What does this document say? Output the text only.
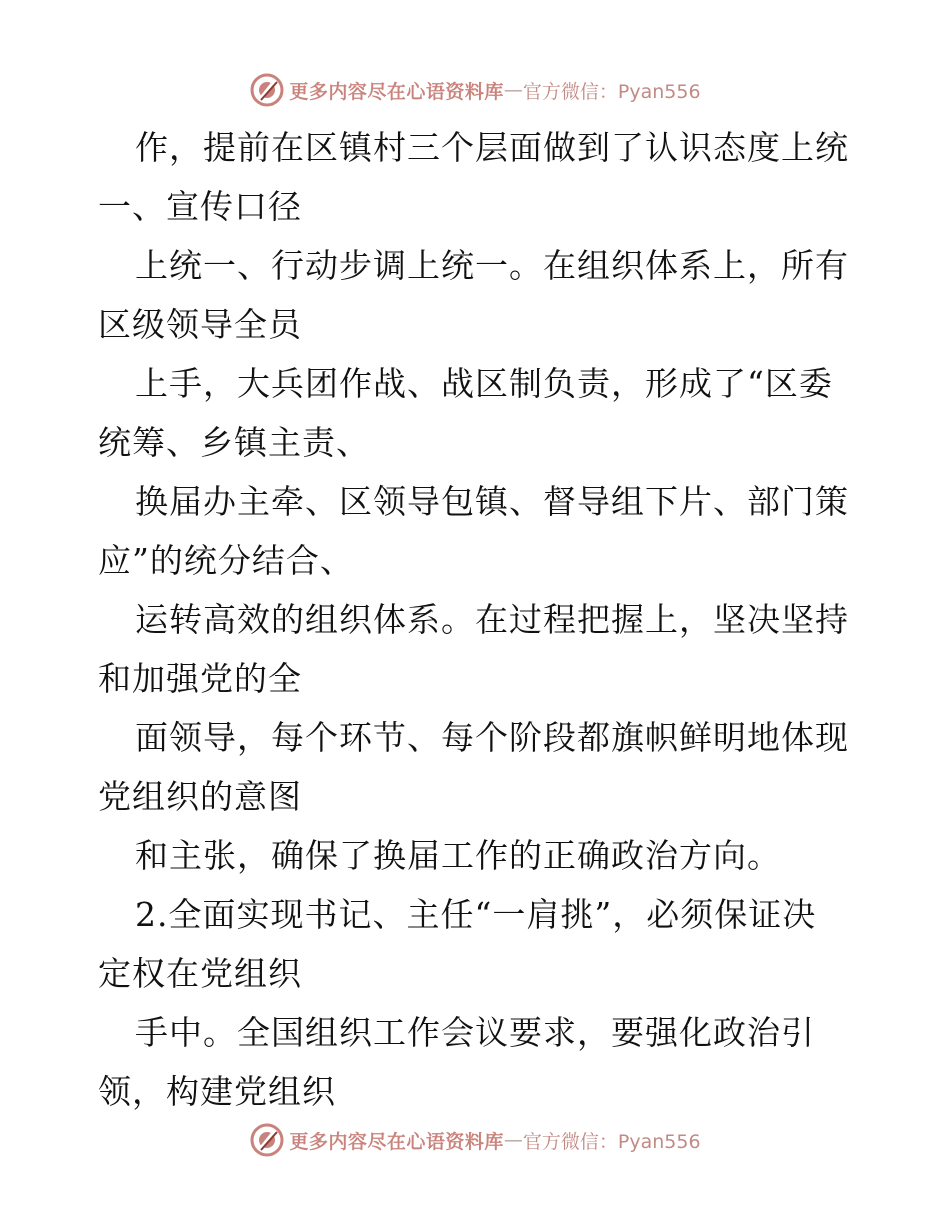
更多内容尽在心语资料库 — 官方微信：Pyan556
作，提前在区镇村三个层面做到了认识态度上统
一、宣传口径
上统一、行动步调上统一。在组织体系上，所有
区级领导全员
上手，大兵团作战、战区制负责，形成了“区委
统筹、乡镇主责、
换届办主牵、区领导包镇、督导组下片、部门策
应”的统分结合、
运转高效的组织体系。在过程把握上，坚决坚持
和加强党的全
面领导，每个环节、每个阶段都旗帜鲜明地体现
党组织的意图
和主张，确保了换届工作的正确政治方向。
2.全面实现书记、主任“一肩挑”，必须保证决
定权在党组织
手中。全国组织工作会议要求，要强化政治引
领，构建党组织
更多内容尽在心语资料库 — 官方微信：Pyan556
